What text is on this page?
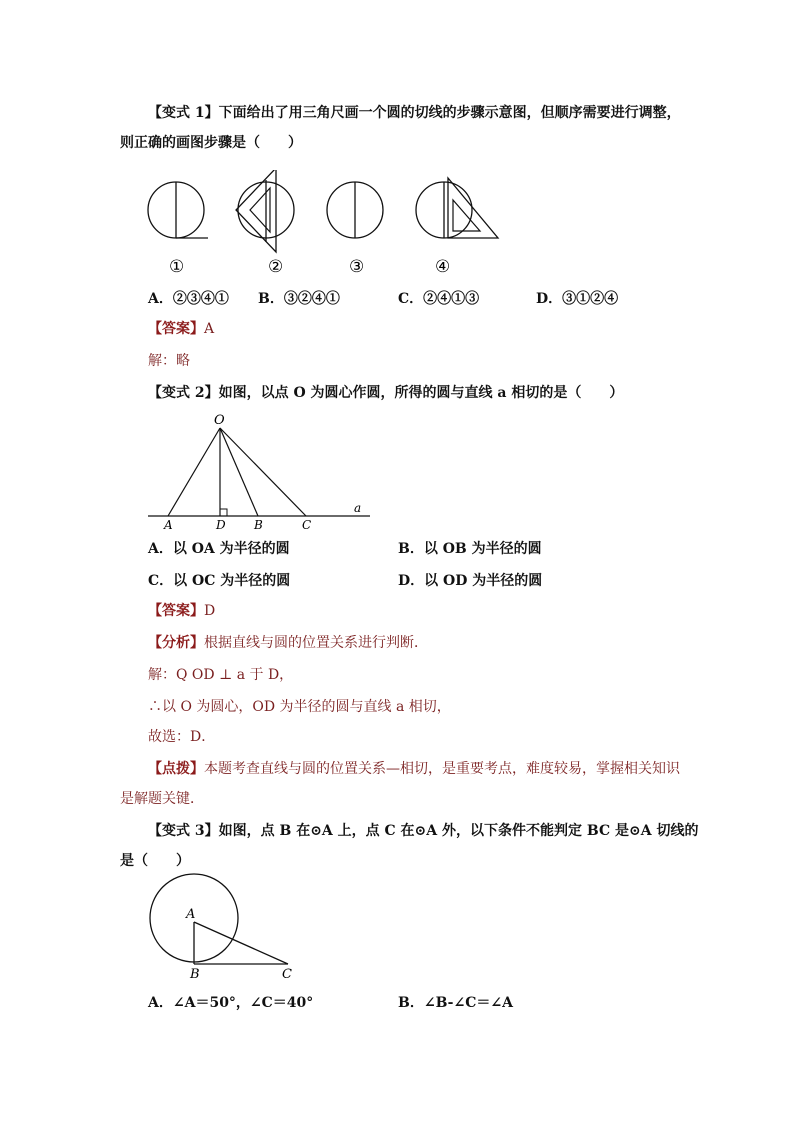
【变式 1】下面给出了用三角尺画一个圆的切线的步骤示意图，但顺序需要进行调整，
则正确的画图步骤是（　　）
①	②	③	④
A．②③④① B．③②④①	C．②④①③	D．③①②④
【答案】A
解：略
【变式 2】如图，以点 O 为圆心作圆，所得的圆与直线 a 相切的是（　　）
O
A	D B	C
a
A．以 OA 为半径的圆	B．以 OB 为半径的圆
C．以 OC 为半径的圆	D．以 OD 为半径的圆
【答案】D
【分析】根据直线与圆的位置关系进行判断．
解：Q OD ⊥ a 于 D，
∴以 O 为圆心，OD 为半径的圆与直线 a 相切，
故选：D．
【点拨】本题考查直线与圆的位置关系—相切，是重要考点，难度较易，掌握相关知识
是解题关键．
【变式 3】如图，点 B 在⊙A 上，点 C 在⊙A 外，以下条件不能判定 BC 是⊙A 切线的
是（　　）
A
B	C
A．∠A＝50°，∠C＝40°	B．∠B-∠C＝∠A
